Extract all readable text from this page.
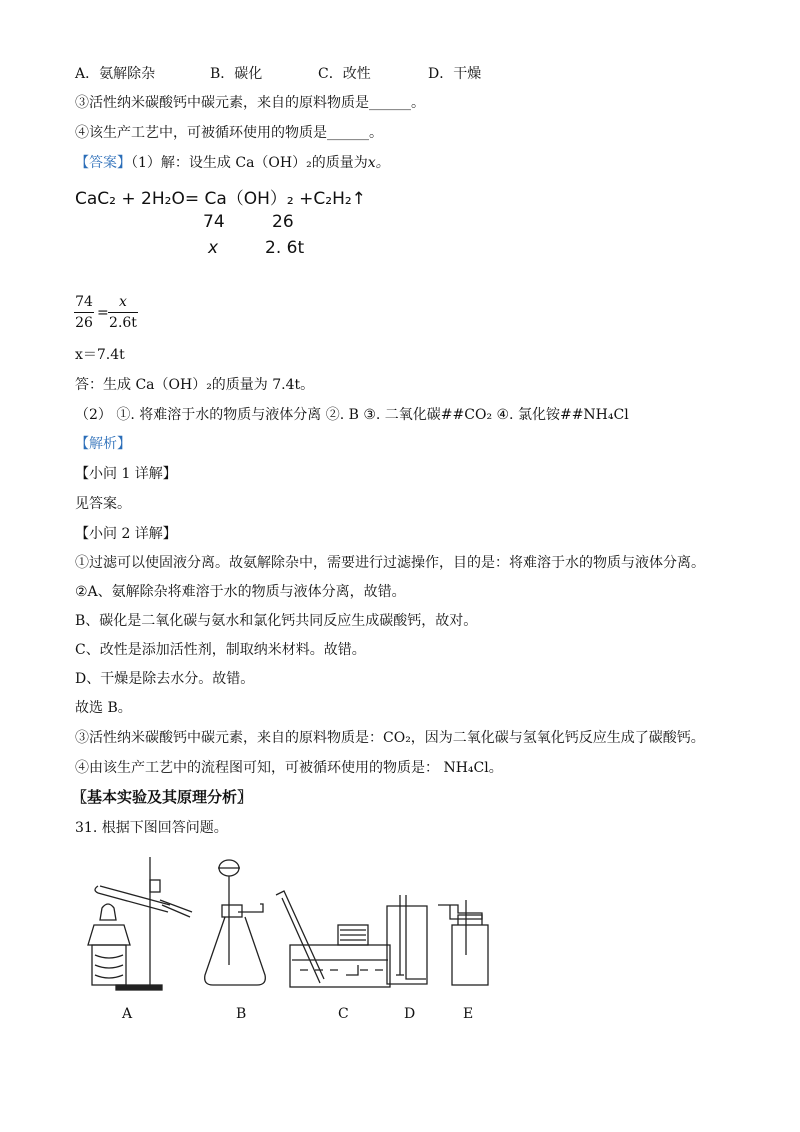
A．氨解除杂	B．碳化	C．改性	D．干燥
③活性纳米碳酸钙中碳元素，来自的原料物质是______。
④该生产工艺中，可被循环使用的物质是______。
【答案】（1）解：设生成 Ca（OH）₂的质量为x。
CaC₂ + 2H₂O= Ca（OH）₂ +C₂H₂↑
74	26
x	2. 6t
74
26
=
x
2.6t
x＝7.4t
答：生成 Ca（OH）₂的质量为 7.4t。
（2） ①. 将难溶于水的物质与液体分离 ②. B ③. 二氧化碳##CO₂ ④. 氯化铵##NH₄Cl
【解析】
【小问 1 详解】
见答案。
【小问 2 详解】
①过滤可以使固液分离。故氨解除杂中，需要进行过滤操作，目的是：将难溶于水的物质与液体分离。
②A、氨解除杂将难溶于水的物质与液体分离，故错。
B、碳化是二氧化碳与氨水和氯化钙共同反应生成碳酸钙，故对。
C、改性是添加活性剂，制取纳米材料。故错。
D、干燥是除去水分。故错。
故选 B。
③活性纳米碳酸钙中碳元素，来自的原料物质是：CO₂，因为二氧化碳与氢氧化钙反应生成了碳酸钙。
④由该生产工艺中的流程图可知，可被循环使用的物质是： NH₄Cl。
〖基本实验及其原理分析〗
31. 根据下图回答问题。
A	B	C	D	E
